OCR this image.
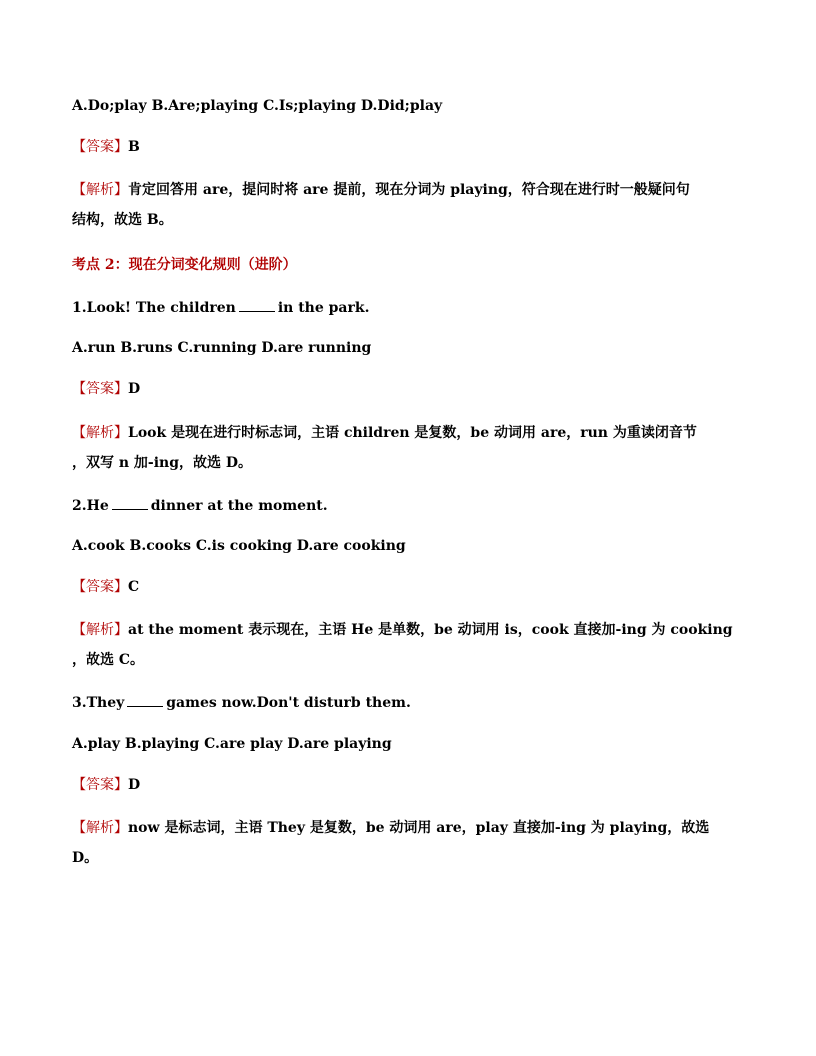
A.Do;play B.Are;playing C.Is;playing D.Did;play
【答案】B
【解析】肯定回答用 are，提问时将 are 提前，现在分词为 playing，符合现在进行时一般疑问句
结构，故选 B。
考点 2：现在分词变化规则（进阶）
1.Look! The children	in the park.
A.run B.runs C.running D.are running
【答案】D
【解析】Look 是现在进行时标志词，主语 children 是复数，be 动词用 are，run 为重读闭音节
，双写 n 加-ing，故选 D。
2.He	dinner at the moment.
A.cook B.cooks C.is cooking D.are cooking
【答案】C
【解析】at the moment 表示现在，主语 He 是单数，be 动词用 is，cook 直接加-ing 为 cooking
，故选 C。
3.They	games now.Don't disturb them.
A.play B.playing C.are play D.are playing
【答案】D
【解析】now 是标志词，主语 They 是复数，be 动词用 are，play 直接加-ing 为 playing，故选
D。
